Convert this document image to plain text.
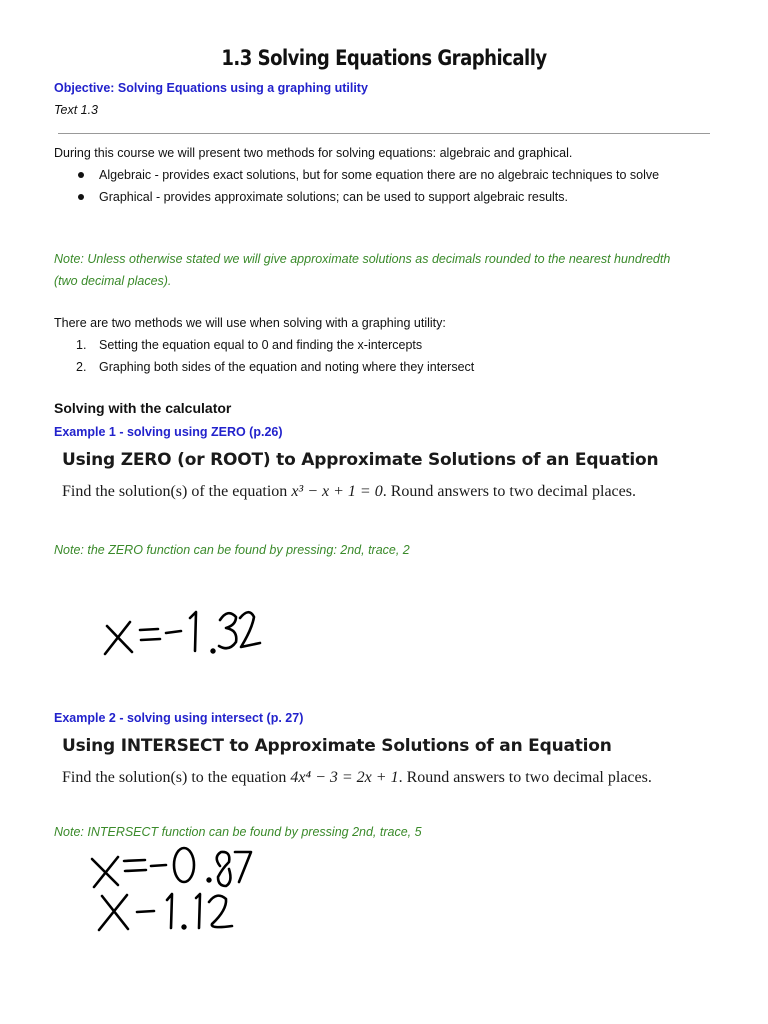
1.3 Solving Equations Graphically
Objective: Solving Equations using a graphing utility
Text 1.3
During this course we will present two methods for solving equations: algebraic and graphical.
Algebraic - provides exact solutions, but for some equation there are no algebraic techniques to solve
Graphical - provides approximate solutions; can be used to support algebraic results.
Note: Unless otherwise stated we will give approximate solutions as decimals rounded to the nearest hundredth (two decimal places).
There are two methods we will use when solving with a graphing utility:
1. Setting the equation equal to 0 and finding the x-intercepts
2. Graphing both sides of the equation and noting where they intersect
Solving with the calculator
Example 1 - solving using ZERO (p.26)
Using ZERO (or ROOT) to Approximate Solutions of an Equation
Find the solution(s) of the equation x³ − x + 1 = 0. Round answers to two decimal places.
Note: the ZERO function can be found by pressing: 2nd, trace, 2
Example 2 - solving using intersect (p. 27)
Using INTERSECT to Approximate Solutions of an Equation
Find the solution(s) to the equation 4x⁴ − 3 = 2x + 1. Round answers to two decimal places.
Note: INTERSECT function can be found by pressing 2nd, trace, 5
